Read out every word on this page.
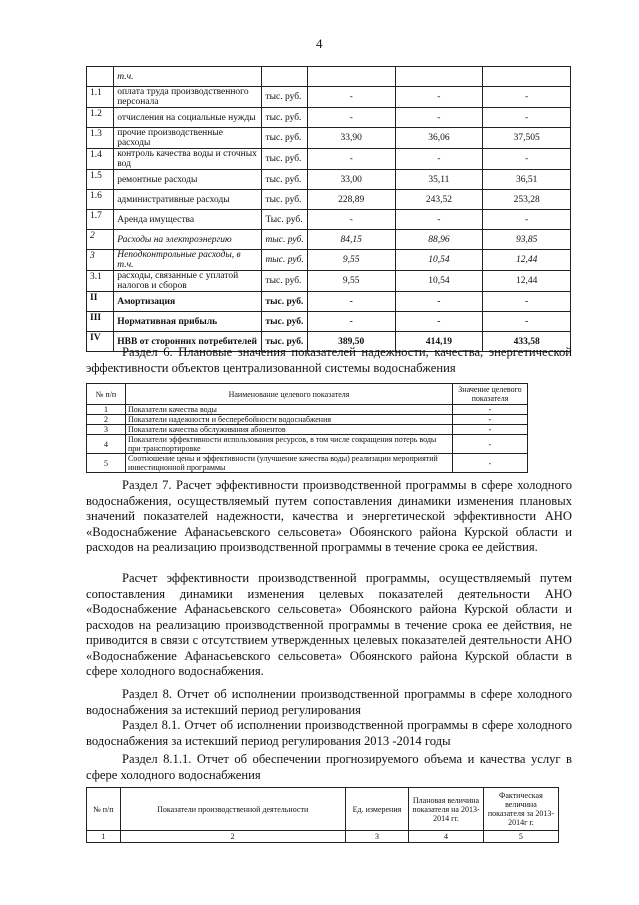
4
	т.ч.				
1.1	оплата труда производственного персонала	тыс. руб.	-	-	-
1.2	отчисления на социальные нужды	тыс. руб.	-	-	-
1.3	прочие производственные расходы	тыс. руб.	33,90	36,06	37,505
1.4	контроль качества воды и сточных вод	тыс. руб.	-	-	-
1.5	ремонтные расходы	тыс. руб.	33,00	35,11	36,51
1.6	административные расходы	тыс. руб.	228,89	243,52	253,28
1.7	Аренда имущества	Тыс. руб.	-	-	-
2	Расходы на электроэнергию	тыс. руб.	84,15	88,96	93,85
3	Неподконтрольные расходы, в т.ч.	тыс. руб.	9,55	10,54	12,44
3.1	расходы, связанные с уплатой налогов и сборов	тыс. руб.	9,55	10,54	12,44
II	Амортизация	тыс. руб.	-	-	-
III	Нормативная прибыль	тыс. руб.	-	-	-
IV	НВВ от сторонних потребителей	тыс. руб.	389,50	414,19	433,58
Раздел 6. Плановые значения показателей надежности, качества, энергетической эффективности объектов централизованной системы водоснабжения
№ п/п	Наименование целевого показателя	Значение целевого показателя
1	Показатели качества воды	-
2	Показатели надежности и бесперебойности водоснабжения	-
3	Показатели качества обслуживания абонентов	-
4	Показатели эффективности использования ресурсов, в том числе сокращения потерь воды при транспортировке	-
5	Соотношение цены и эффективности (улучшение качества воды) реализации мероприятий инвестиционной программы	-
Раздел 7. Расчет эффективности производственной программы в сфере холодного водоснабжения, осуществляемый путем сопоставления динамики изменения плановых значений показателей надежности, качества и энергетической эффективности АНО «Водоснабжение Афанасьевского сельсовета» Обоянского района Курской области и расходов на реализацию производственной программы в течение срока ее действия.
Расчет эффективности производственной программы, осуществляемый путем сопоставления динамики изменения целевых показателей деятельности АНО «Водоснабжение Афанасьевского сельсовета» Обоянского района Курской области и расходов на реализацию производственной программы в течение срока ее действия, не приводится в связи с отсутствием утвержденных целевых показателей деятельности АНО «Водоснабжение Афанасьевского сельсовета» Обоянского района Курской области в сфере холодного водоснабжения.
Раздел 8. Отчет об исполнении производственной программы в сфере холодного водоснабжения за истекший период регулирования
Раздел 8.1. Отчет об исполнении производственной программы в сфере холодного водоснабжения за истекший период регулирования 2013 -2014 годы
Раздел 8.1.1. Отчет об обеспечении прогнозируемого объема и качества услуг в сфере холодного водоснабжения
№ п/п	Показатели производственной деятельности	Ед. измерения	Плановая величина показателя на 2013-2014 гг.	Фактическая величина показателя за 2013-2014г г.
1	2	3	4	5
